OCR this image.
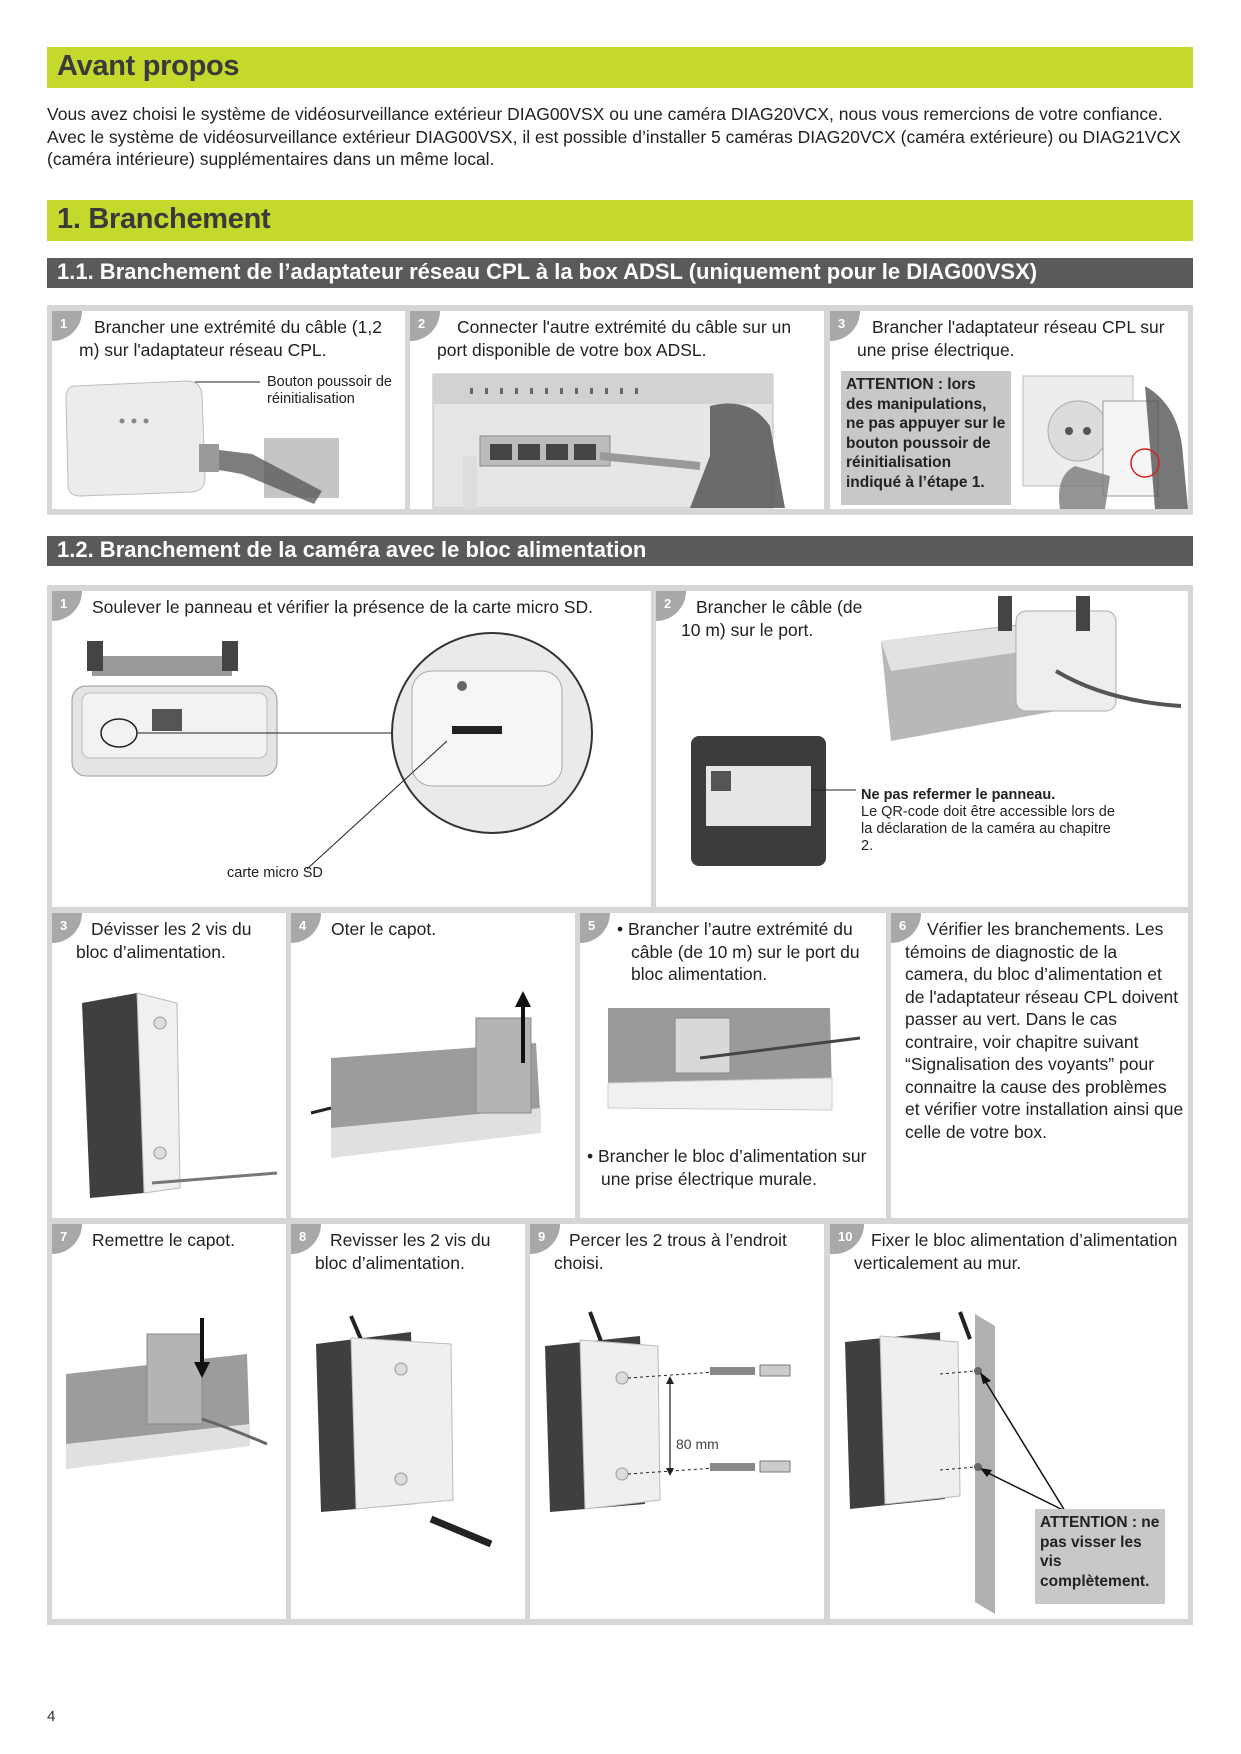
Avant propos
Vous avez choisi le système de vidéosurveillance extérieur DIAG00VSX ou une caméra DIAG20VCX, nous vous remercions de votre confiance. Avec le système de vidéosurveillance extérieur DIAG00VSX, il est possible d’installer 5 caméras DIAG20VCX (caméra extérieure) ou DIAG21VCX (caméra intérieure) supplémentaires dans un même local.
1. Branchement
1.1. Branchement de l’adaptateur réseau CPL à la box ADSL (uniquement pour le DIAG00VSX)
1	Brancher une extrémité du câble (1,2 m) sur l'adaptateur réseau CPL.
Bouton poussoir de réinitialisation
2	Connecter l'autre extrémité du câble sur un port disponible de votre box ADSL.
3	Brancher l'adaptateur réseau CPL sur une prise électrique.
ATTENTION : lors des manipulations, ne pas appuyer sur le bouton poussoir de réinitialisation indiqué à l’étape 1.
1.2. Branchement de la caméra avec le bloc alimentation
1	Soulever le panneau et vérifier la présence de la carte micro SD.
carte micro SD
2	Brancher le câble (de 10 m) sur le port.
Ne pas refermer le panneau.
Le QR-code doit être accessible lors de la déclaration de la caméra au chapitre 2.
3	Dévisser les 2 vis du bloc d’alimentation.
4	Oter le capot.	5	• Brancher l’autre extrémité du câble (de 10 m) sur le port du bloc alimentation.
• Brancher le bloc d’alimentation sur une prise électrique murale.
6	Vérifier les branchements. Les témoins de diagnostic de la camera, du bloc d’alimentation et de l'adaptateur réseau CPL doivent passer au vert. Dans le cas contraire, voir chapitre suivant “Signalisation des voyants” pour connaitre la cause des problèmes et vérifier votre installation ainsi que celle de votre box.
7	Remettre le capot.	8	Revisser les 2 vis du bloc d’alimentation.
9	Percer les 2 trous à l’endroit choisi.
80 mm
10	Fixer le bloc alimentation d’alimentation verticalement au mur.
ATTENTION : ne pas visser les vis complètement.
4
